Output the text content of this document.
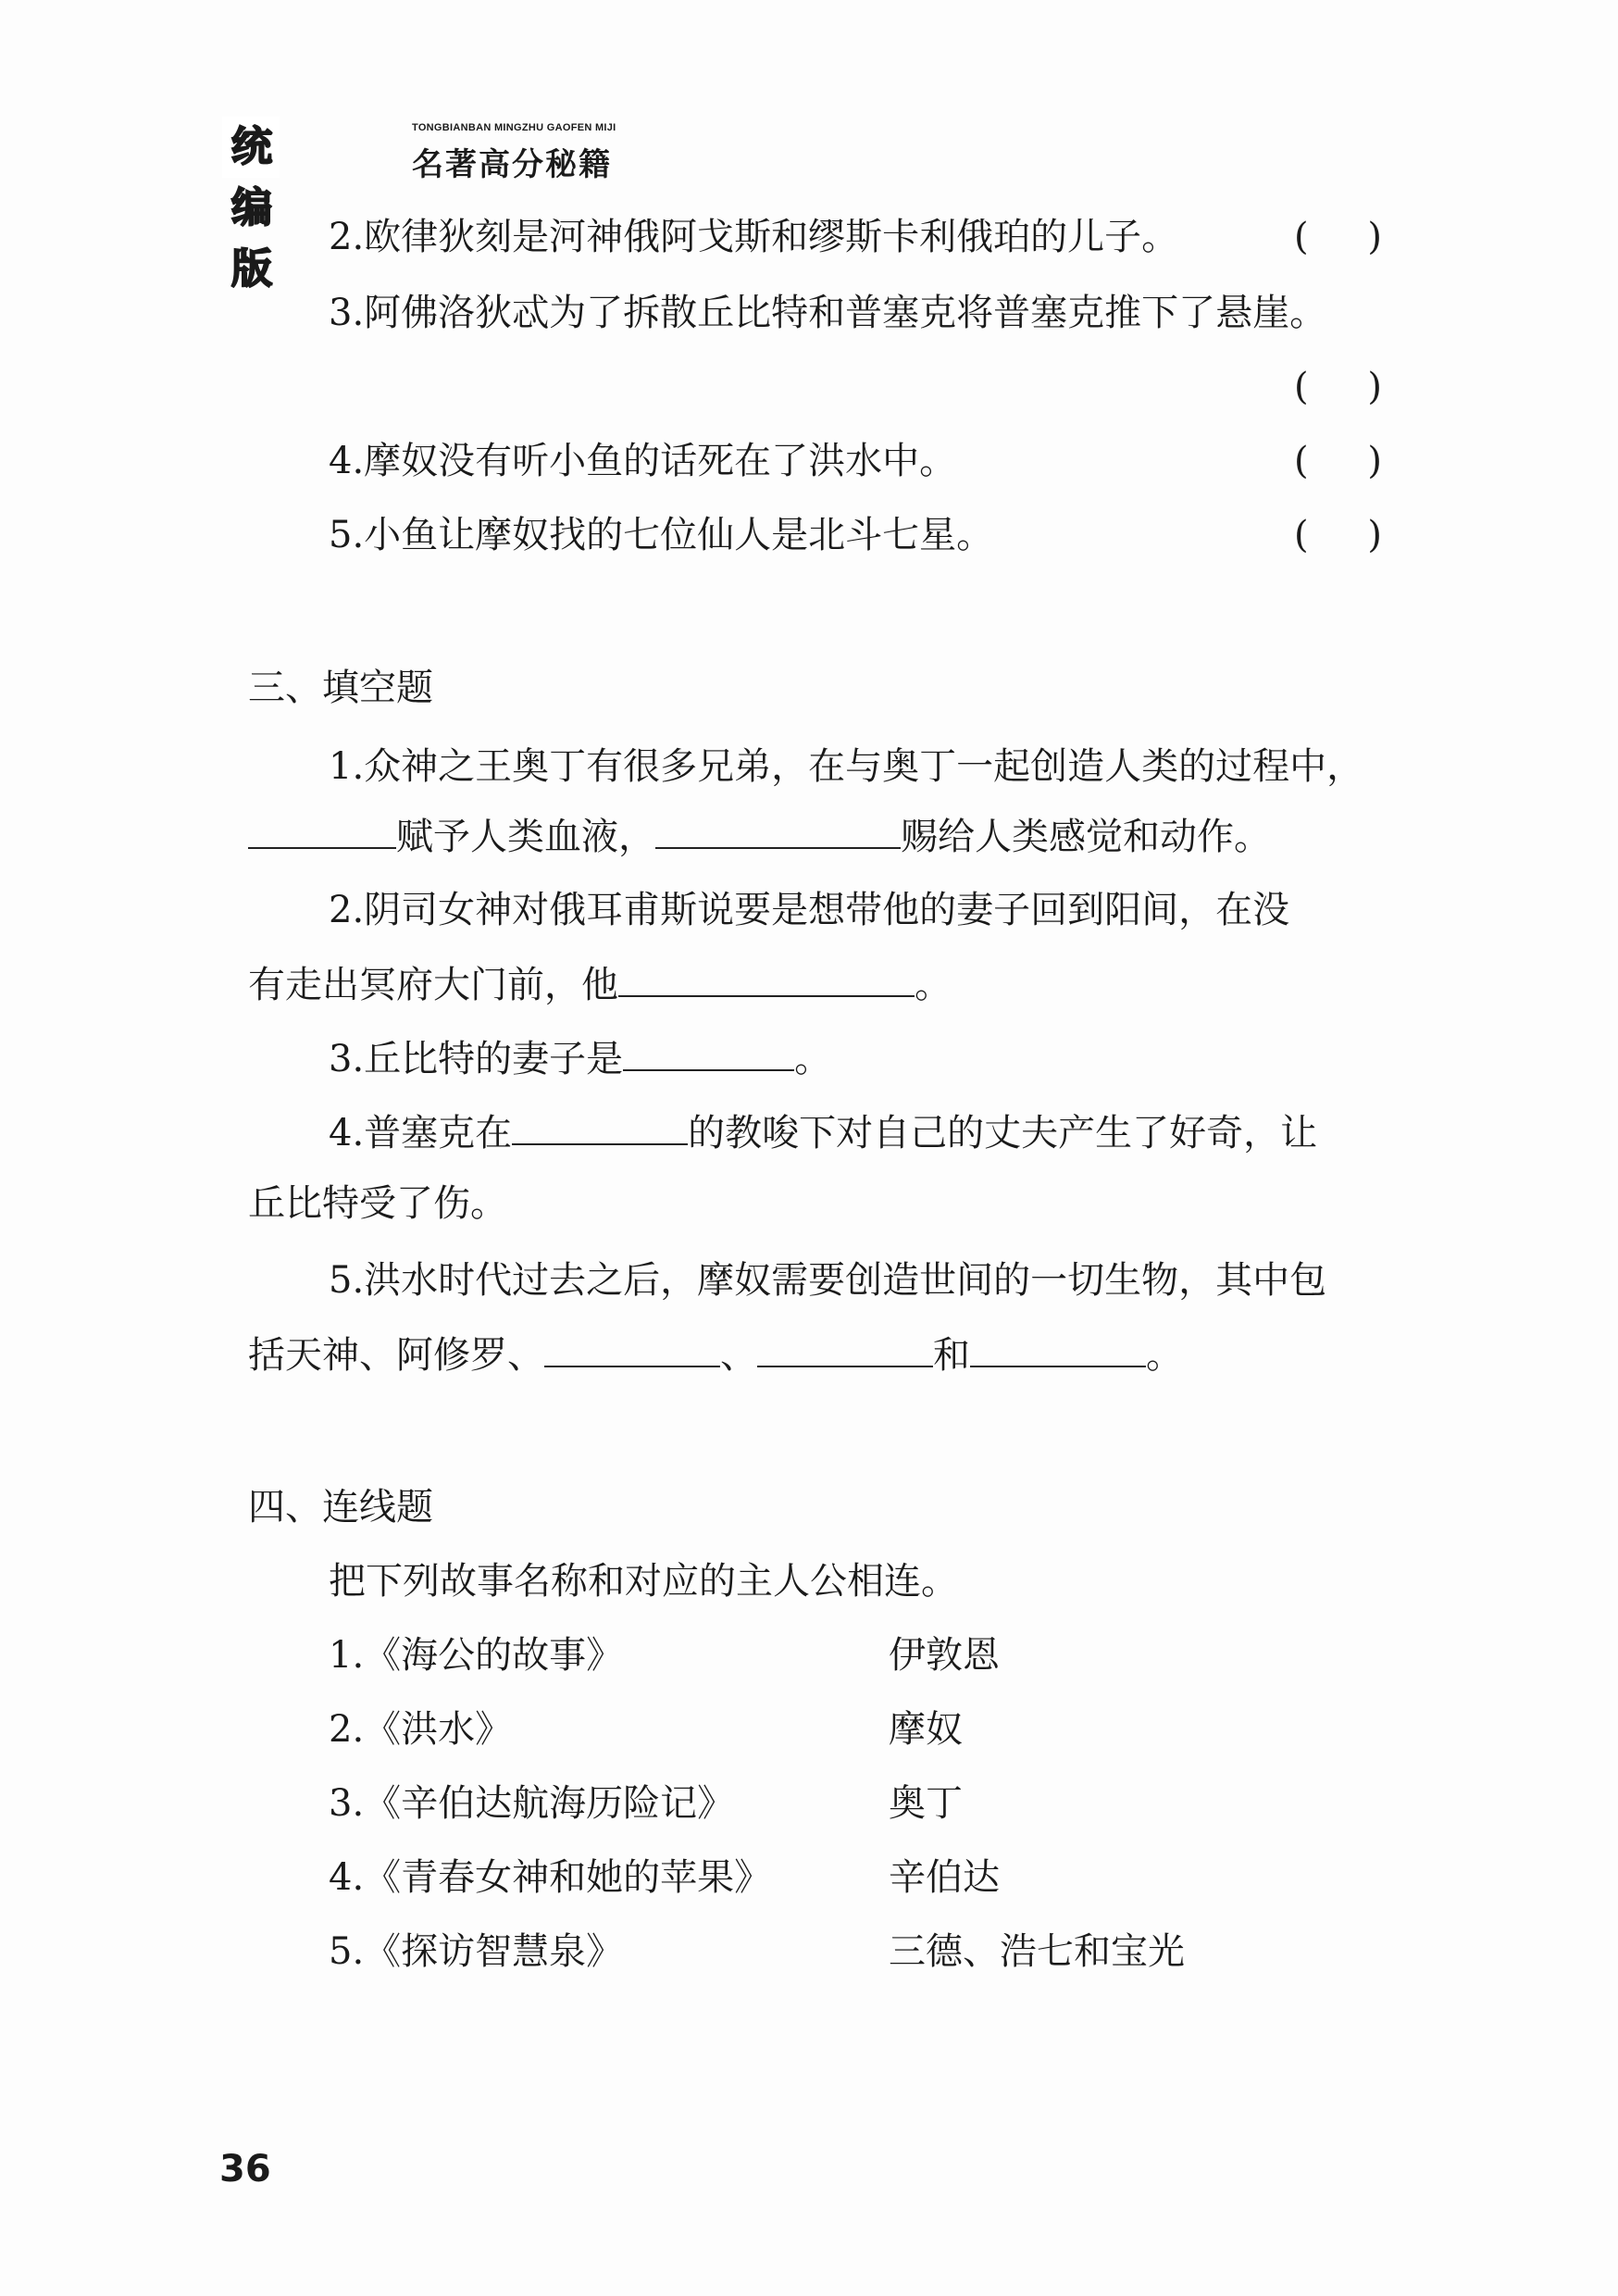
统编版
TONGBIANBAN MINGZHU GAOFEN MIJI
名著高分秘籍
2.欧律狄刻是河神俄阿戈斯和缪斯卡利俄珀的儿子。	( )
3.阿佛洛狄忒为了拆散丘比特和普塞克将普塞克推下了悬崖。
( )
4.摩奴没有听小鱼的话死在了洪水中。	( )
5.小鱼让摩奴找的七位仙人是北斗七星。	( )
三、填空题
1.众神之王奥丁有很多兄弟，在与奥丁一起创造人类的过程中，
赋予人类血液，	赐给人类感觉和动作。
2.阴司女神对俄耳甫斯说要是想带他的妻子回到阳间，在没
有走出冥府大门前，他	。
3.丘比特的妻子是	。
4.普塞克在	的教唆下对自己的丈夫产生了好奇，让
丘比特受了伤。
5.洪水时代过去之后，摩奴需要创造世间的一切生物，其中包
括天神、阿修罗、	、	和	。
四、连线题
把下列故事名称和对应的主人公相连。
1.《海公的故事》	伊敦恩
2.《洪水》	摩奴
3.《辛伯达航海历险记》	奥丁
4.《青春女神和她的苹果》	辛伯达
5.《探访智慧泉》	三德、浩七和宝光
36
